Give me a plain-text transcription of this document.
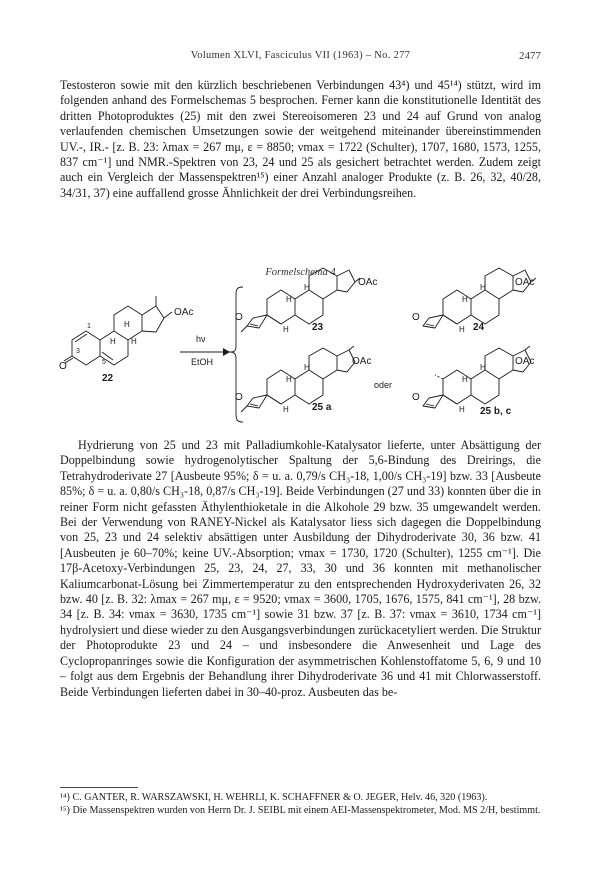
Volumen XLVI, Fasciculus VII (1963) – No. 277	2477

Testosteron sowie mit den kürzlich beschriebenen Verbindungen 43⁴) und 45¹⁴) stützt, wird im folgenden anhand des Formelschemas 5 besprochen. Ferner kann die konstitutionelle Identität des dritten Photoproduktes (25) mit den zwei Stereoisomeren 23 und 24 auf Grund von analog verlaufenden chemischen Umsetzungen sowie der weitgehend miteinander übereinstimmenden UV.-, IR.- [z. B. 23: λmax = 267 mμ, ε = 8850; νmax = 1722 (Schulter), 1707, 1680, 1573, 1255, 837 cm⁻¹] und NMR.-Spektren von 23, 24 und 25 als gesichert betrachtet werden. Zudem zeigt auch ein Vergleich der Massenspektren¹⁵) einer Anzahl analoger Produkte (z. B. 26, 32, 40/28, 34/31, 37) eine auffallend grosse Ähnlichkeit der drei Verbindungsreihen.

Formelschema 4
O
OAc
1
3
5
H
H H
22
hν
EtOH
O
OAc
H
H
H 23
O
OAc
H
H
H 24
O
OAc
H
H
H 25 a
oder
O
OAc
H
H
H 25 b, c

Hydrierung von 25 und 23 mit Palladiumkohle-Katalysator lieferte, unter Absättigung der Doppelbindung sowie hydrogenolytischer Spaltung der 5,6-Bindung des Dreirings, die Tetrahydroderivate 27 [Ausbeute 95%; δ = u. a. 0,79/s CH₃-18, 1,00/s CH₃-19] bzw. 33 [Ausbeute 85%; δ = u. a. 0,80/s CH₃-18, 0,87/s CH₃-19]. Beide Verbindungen (27 und 33) konnten über die in reiner Form nicht gefassten Äthylenthioketale in die Alkohole 29 bzw. 35 umgewandelt werden. Bei der Verwendung von RANEY-Nickel als Katalysator liess sich dagegen die Doppelbindung von 25, 23 und 24 selektiv absättigen unter Ausbildung der Dihydroderivate 30, 36 bzw. 41 [Ausbeuten je 60–70%; keine UV.-Absorption; νmax = 1730, 1720 (Schulter), 1255 cm⁻¹]. Die 17β-Acetoxy-Verbindungen 25, 23, 24, 27, 33, 30 und 36 konnten mit methanolischer Kaliumcarbonat-Lösung bei Zimmertemperatur zu den entsprechenden Hydroxyderivaten 26, 32 bzw. 40 [z. B. 32: λmax = 267 mμ, ε = 9520; νmax = 3600, 1705, 1676, 1575, 841 cm⁻¹], 28 bzw. 34 [z. B. 34: νmax = 3630, 1735 cm⁻¹] sowie 31 bzw. 37 [z. B. 37: νmax = 3610, 1734 cm⁻¹] hydrolysiert und diese wieder zu den Ausgangsverbindungen zurückacetyliert werden. Die Struktur der Photoprodukte 23 und 24 – und insbesondere die Anwesenheit und Lage des Cyclopropanringes sowie die Konfiguration der asymmetrischen Kohlenstoffatome 5, 6, 9 und 10 – folgt aus dem Ergebnis der Behandlung ihrer Dihydroderivate 36 und 41 mit Chlorwasserstoff. Beide Verbindungen lieferten dabei in 30–40-proz. Ausbeuten das be-

¹⁴) C. GANTER, R. WARSZAWSKI, H. WEHRLI, K. SCHAFFNER & O. JEGER, Helv. 46, 320 (1963).

¹⁵) Die Massenspektren wurden von Herrn Dr. J. SEIBL mit einem AEI-Massenspektrometer, Mod. MS 2/H, bestimmt.
